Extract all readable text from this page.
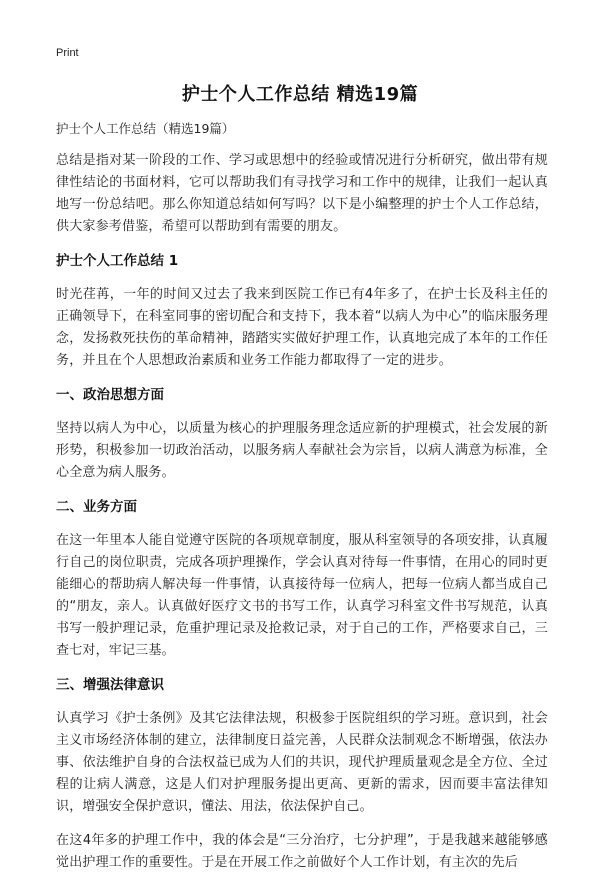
Print
护士个人工作总结 精选19篇

护士个人工作总结（精选19篇）

总结是指对某一阶段的工作、学习或思想中的经验或情况进行分析研究，做出带有规律性结论的书面材料，它可以帮助我们有寻找学习和工作中的规律，让我们一起认真地写一份总结吧。那么你知道总结如何写吗？以下是小编整理的护士个人工作总结，供大家参考借鉴，希望可以帮助到有需要的朋友。

护士个人工作总结 1

时光荏苒，一年的时间又过去了我来到医院工作已有4年多了，在护士长及科主任的正确领导下，在科室同事的密切配合和支持下，我本着“以病人为中心”的临床服务理念，发扬救死扶伤的革命精神，踏踏实实做好护理工作，认真地完成了本年的工作任务，并且在个人思想政治素质和业务工作能力都取得了一定的进步。

一、政治思想方面

坚持以病人为中心，以质量为核心的护理服务理念适应新的护理模式，社会发展的新形势，积极参加一切政治活动，以服务病人奉献社会为宗旨，以病人满意为标准，全心全意为病人服务。

二、业务方面

在这一年里本人能自觉遵守医院的各项规章制度，服从科室领导的各项安排，认真履行自己的岗位职责，完成各项护理操作，学会认真对待每一件事情，在用心的同时更能细心的帮助病人解决每一件事情，认真接待每一位病人，把每一位病人都当成自己的“朋友，亲人。认真做好医疗文书的书写工作，认真学习科室文件书写规范，认真书写一般护理记录，危重护理记录及抢救记录，对于自己的工作，严格要求自己，三查七对，牢记三基。

三、增强法律意识

认真学习《护士条例》及其它法律法规，积极参于医院组织的学习班。意识到，社会主义市场经济体制的建立，法律制度日益完善，人民群众法制观念不断增强，依法办事、依法维护自身的合法权益已成为人们的共识，现代护理质量观念是全方位、全过程的让病人满意，这是人们对护理服务提出更高、更新的需求，因而要丰富法律知识，增强安全保护意识，懂法、用法，依法保护自己。

在这4年多的护理工作中，我的体会是“三分治疗，七分护理”，于是我越来越能够感觉出护理工作的重要性。于是在开展工作之前做好个人工作计划，有主次的先后
